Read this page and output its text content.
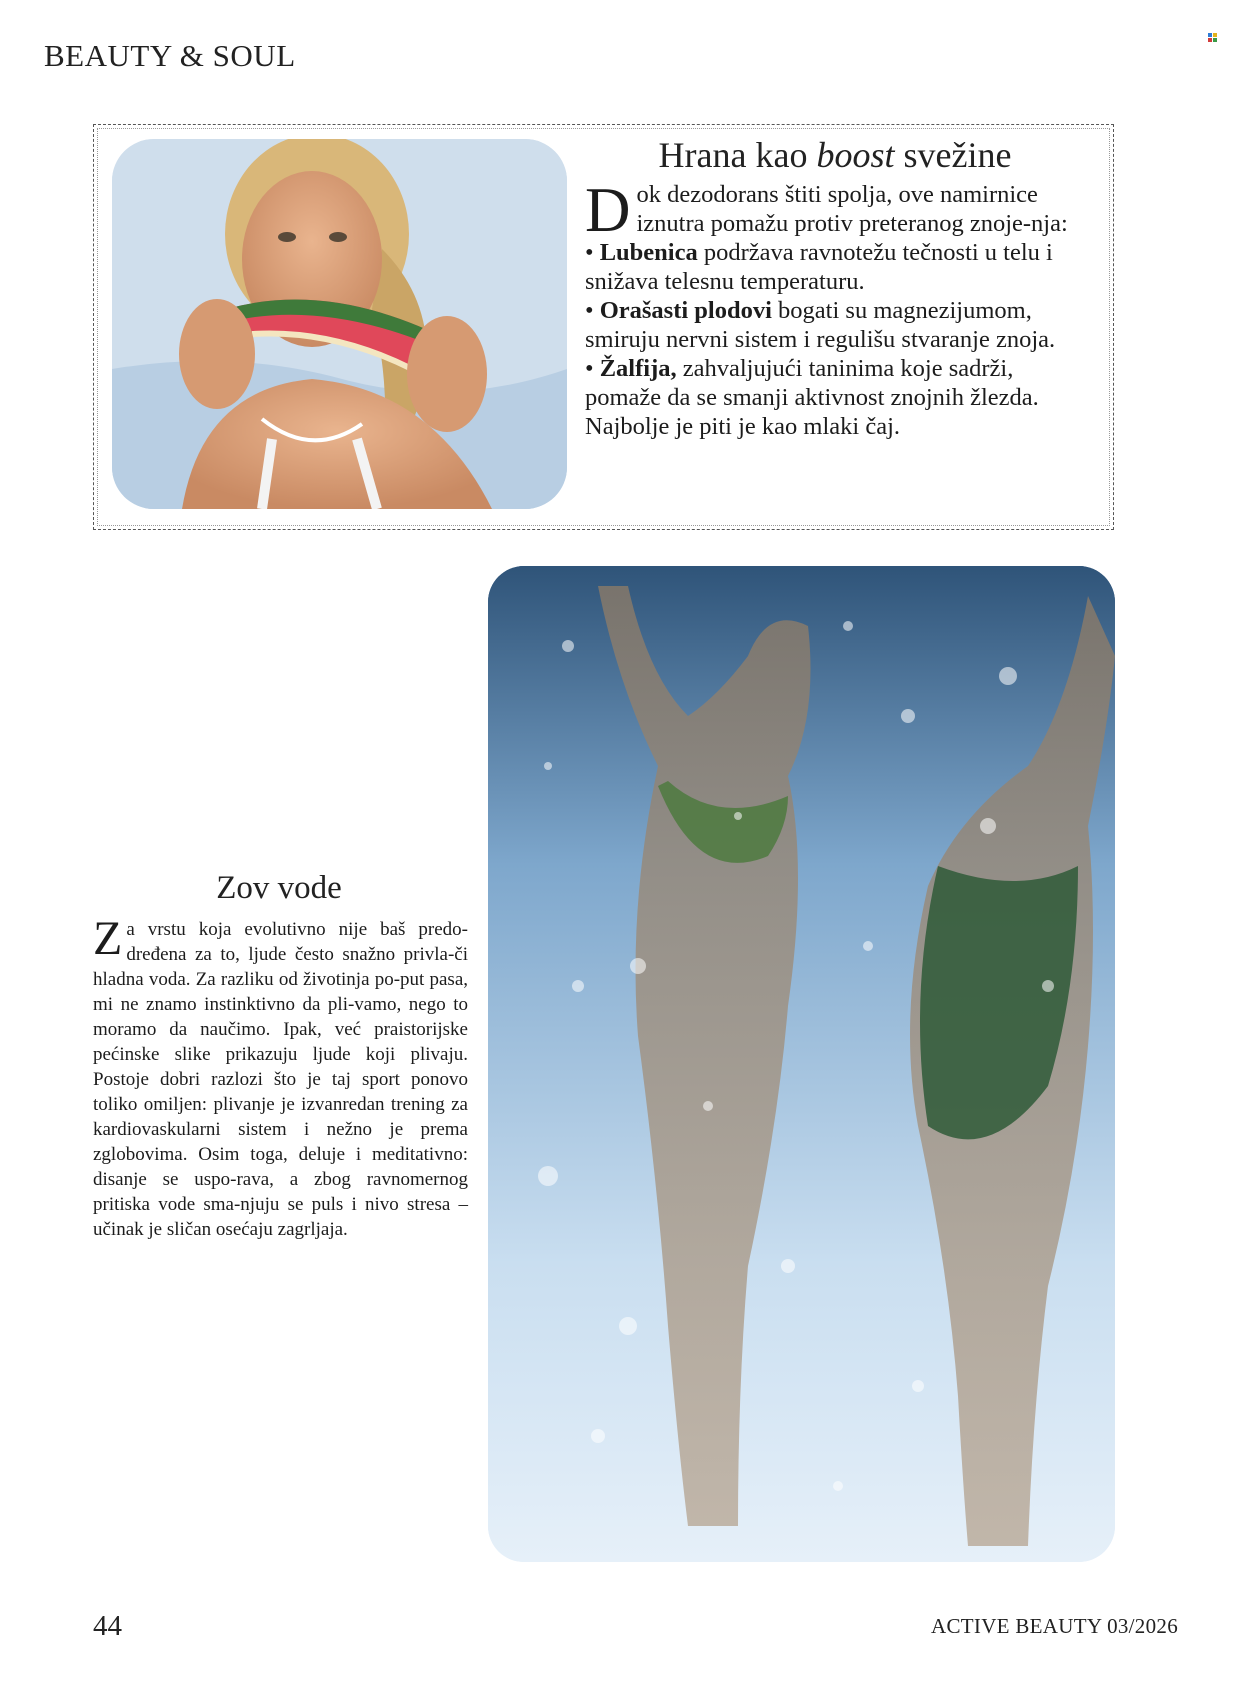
BEAUTY & SOUL
Hrana kao boost svežine

Dok dezodorans štiti spolja, ove namirnice iznutra pomažu protiv preteranog znoje-nja:

• Lubenica podržava ravnotežu tečnosti u telu i snižava telesnu temperaturu.

• Orašasti plodovi bogati su magnezijumom, smiruju nervni sistem i regulišu stvaranje znoja.

• Žalfija, zahvaljujući taninima koje sadrži, pomaže da se smanji aktivnost znojnih žlezda. Najbolje je piti je kao mlaki čaj.

Zov vode
Za vrstu koja evolutivno nije baš predo-dređena za to, ljude često snažno privla-či hladna voda. Za razliku od životinja po-put pasa, mi ne znamo instinktivno da pli-vamo, nego to moramo da naučimo. Ipak, već praistorijske pećinske slike prikazuju ljude koji plivaju. Postoje dobri razlozi što je taj sport ponovo toliko omiljen: plivanje je izvanredan trening za kardiovaskularni sistem i nežno je prema zglobovima. Osim toga, deluje i meditativno: disanje se uspo-rava, a zbog ravnomernog pritiska vode sma-njuju se puls i nivo stresa – učinak je sličan osećaju zagrljaja.
44	ACTIVE BEAUTY 03/2026
